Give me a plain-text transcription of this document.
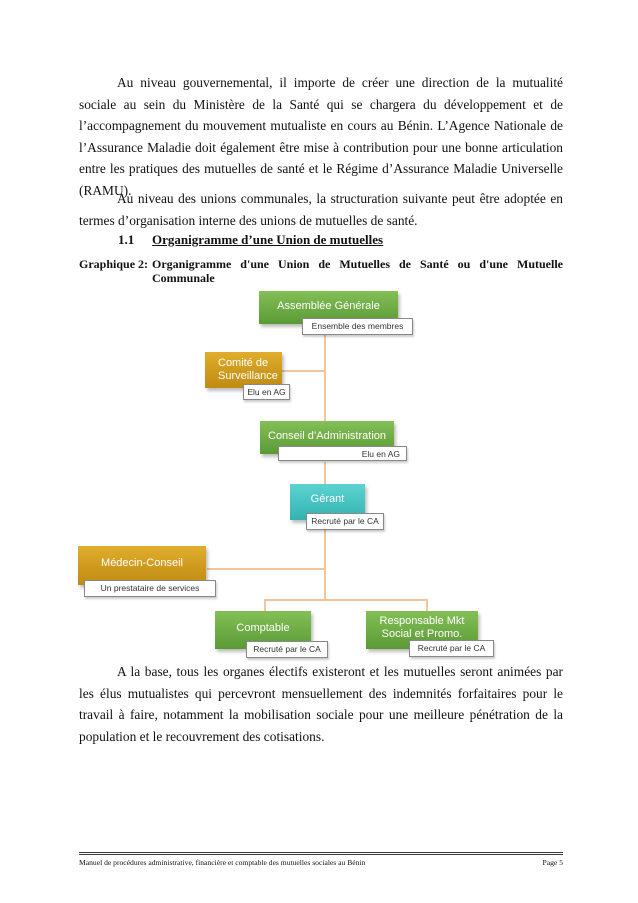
Au niveau gouvernemental, il importe de créer une direction de la mutualité sociale au sein du Ministère de la Santé qui se chargera du développement et de l’accompagnement du mouvement mutualiste en cours au Bénin. L’Agence Nationale de l’Assurance Maladie doit également être mise à contribution pour une bonne articulation entre les pratiques des mutuelles de santé et le Régime d’Assurance Maladie Universelle (RAMU).

Au niveau des unions communales, la structuration suivante peut être adoptée en termes d’organisation interne des unions de mutuelles de santé.

1.1 Organigramme d’une Union de mutuelles
Graphique 2: Organigramme d'une Union de Mutuelles de Santé ou d'une Mutuelle
Communale
Assemblée Générale
Ensemble des membres
Comité de
Surveillance
Elu en AG
Conseil d’Administration
Elu en AG
Gérant
Recruté par le CA
Médecin-Conseil
Un prestataire de services
Comptable
Recruté par le CA
Responsable Mkt
Social et Promo.
Recruté par le CA

A la base, tous les organes électifs existeront et les mutuelles seront animées par les élus mutualistes qui percevront mensuellement des indemnités forfaitaires pour le travail à faire, notamment la mobilisation sociale pour une meilleure pénétration de la population et le recouvrement des cotisations.

Manuel de procédures administrative, financière et comptable des mutuelles sociales au Bénin	Page 5
